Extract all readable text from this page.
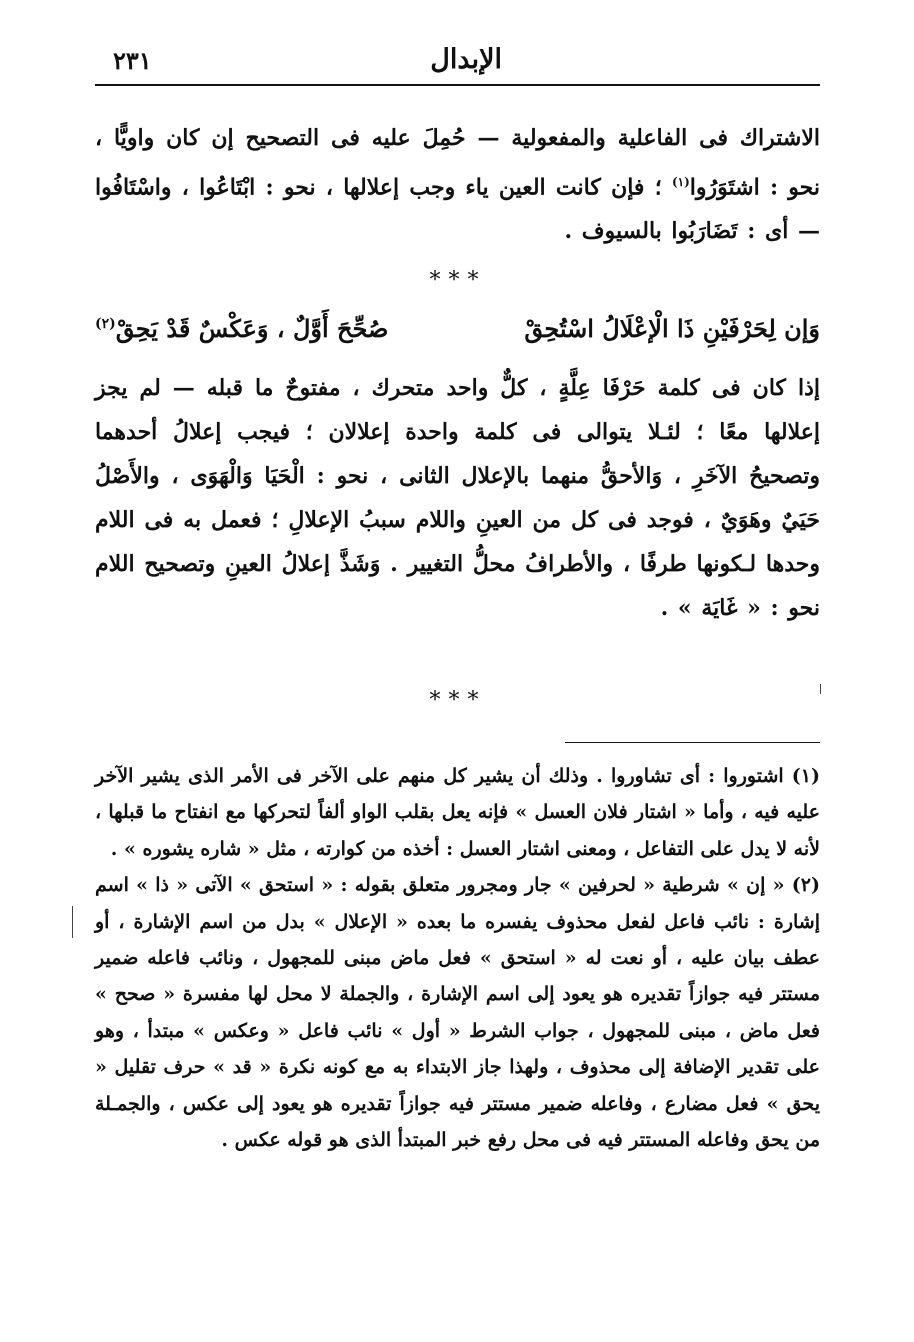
الإبدال
٢٣١
الاشتراك فى الفاعلية والمفعولية — حُمِلَ عليه فى التصحيح إن كان واويًّا ، نحو : اشتَوَرُوا$^{(١)}$ ؛ فإن كانت العين ياء وجب إعلالها ، نحو : ابْتَاعُوا ، واسْتَافُوا — أى : تَضَارَبُوا بالسيوف .
***
وَإن لِحَرْفَيْنِ ذَا الْإعْلَالُ اسْتُحِقْ
صُحِّحَ أَوَّلٌ ، وَعَكْسٌ قَدْ يَحِقْ$^{(٢)}$
إذا كان فى كلمة حَرْفَا عِلَّةٍ ، كلٌّ واحد متحرك ، مفتوحٌ ما قبله — لم يجز إعلالها معًا ؛ لئـلا يتوالى فى كلمة واحدة إعلالان ؛ فيجب إعلالُ أحدهما وتصحيحُ الآخَرِ ، وَالأحقُّ منهما بالإعلال الثانى ، نحو : الْحَيَا وَالْهَوَى ، والأَصْلُ حَيَيٌ وهَوَيٌ ، فوجد فى كل من العينِ واللام سببُ الإعلالِ ؛ فعمل به فى اللام وحدها لـكونها طرفًا ، والأطرافُ محلُّ التغيير . وَشَذَّ إعلالُ العينِ وتصحيح اللام نحو : « غَايَة » .
***

(١) اشتوروا : أى تشاوروا . وذلك أن يشير كل منهم على الآخر فى الأمر الذى يشير الآخر عليه فيه ، وأما « اشتار فلان العسل » فإنه يعل بقلب الواو ألفاً لتحركها مع انفتاح ما قبلها ، لأنه لا يدل على التفاعل ، ومعنى اشتار العسل : أخذه من كوارته ، مثل « شاره يشوره » .

(٢) « إن » شرطية « لحرفين » جار ومجرور متعلق بقوله : « استحق » الآتى « ذا » اسم إشارة : نائب فاعل لفعل محذوف يفسره ما بعده « الإعلال » بدل من اسم الإشارة ، أو عطف بيان عليه ، أو نعت له « استحق » فعل ماض مبنى للمجهول ، ونائب فاعله ضمير مستتر فيه جوازاً تقديره هو يعود إلى اسم الإشارة ، والجملة لا محل لها مفسرة « صحح » فعل ماض ، مبنى للمجهول ، جواب الشرط « أول » نائب فاعل « وعكس » مبتدأ ، وهو على تقدير الإضافة إلى محذوف ، ولهذا جاز الابتداء به مع كونه نكرة « قد » حرف تقليل « يحق » فعل مضارع ، وفاعله ضمير مستتر فيه جوازاً تقديره هو يعود إلى عكس ، والجمـلة من يحق وفاعله المستتر فيه فى محل رفع خبر المبتدأ الذى هو قوله عكس .
